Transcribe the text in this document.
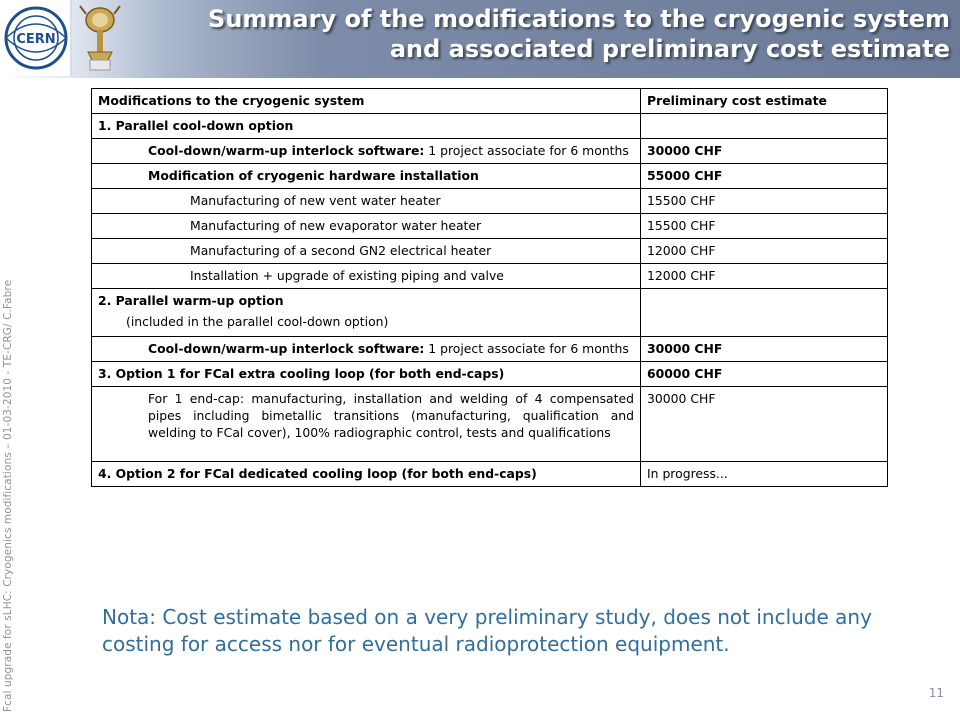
CERN
Summary of the modifications to the cryogenic system
and associated preliminary cost estimate
Fcal upgrade for sLHC: Cryogenics modifications – 01-03-2010 - TE-CRG/ C.Fabre
Modifications to the cryogenic system	Preliminary cost estimate
1. Parallel cool-down option	
Cool-down/warm-up interlock software: 1 project associate for 6 months	30000 CHF
Modification of cryogenic hardware installation	55000 CHF
Manufacturing of new vent water heater	15500 CHF
Manufacturing of new evaporator water heater	15500 CHF
Manufacturing of a second GN2 electrical heater	12000 CHF
Installation + upgrade of existing piping and valve	12000 CHF
2. Parallel warm-up option
(included in the parallel cool-down option)	

Cool-down/warm-up interlock software: 1 project associate for 6 months	30000 CHF
3. Option 1 for FCal extra cooling loop (for both end-caps)	60000 CHF
For 1 end-cap: manufacturing, installation and welding of 4 compensated pipes including bimetallic transitions (manufacturing, qualification and welding to FCal cover), 100% radiographic control, tests and qualifications	30000 CHF
4. Option 2 for FCal dedicated cooling loop (for both end-caps)	In progress...
Nota: Cost estimate based on a very preliminary study, does not include any costing for access nor for eventual radioprotection equipment.
11
